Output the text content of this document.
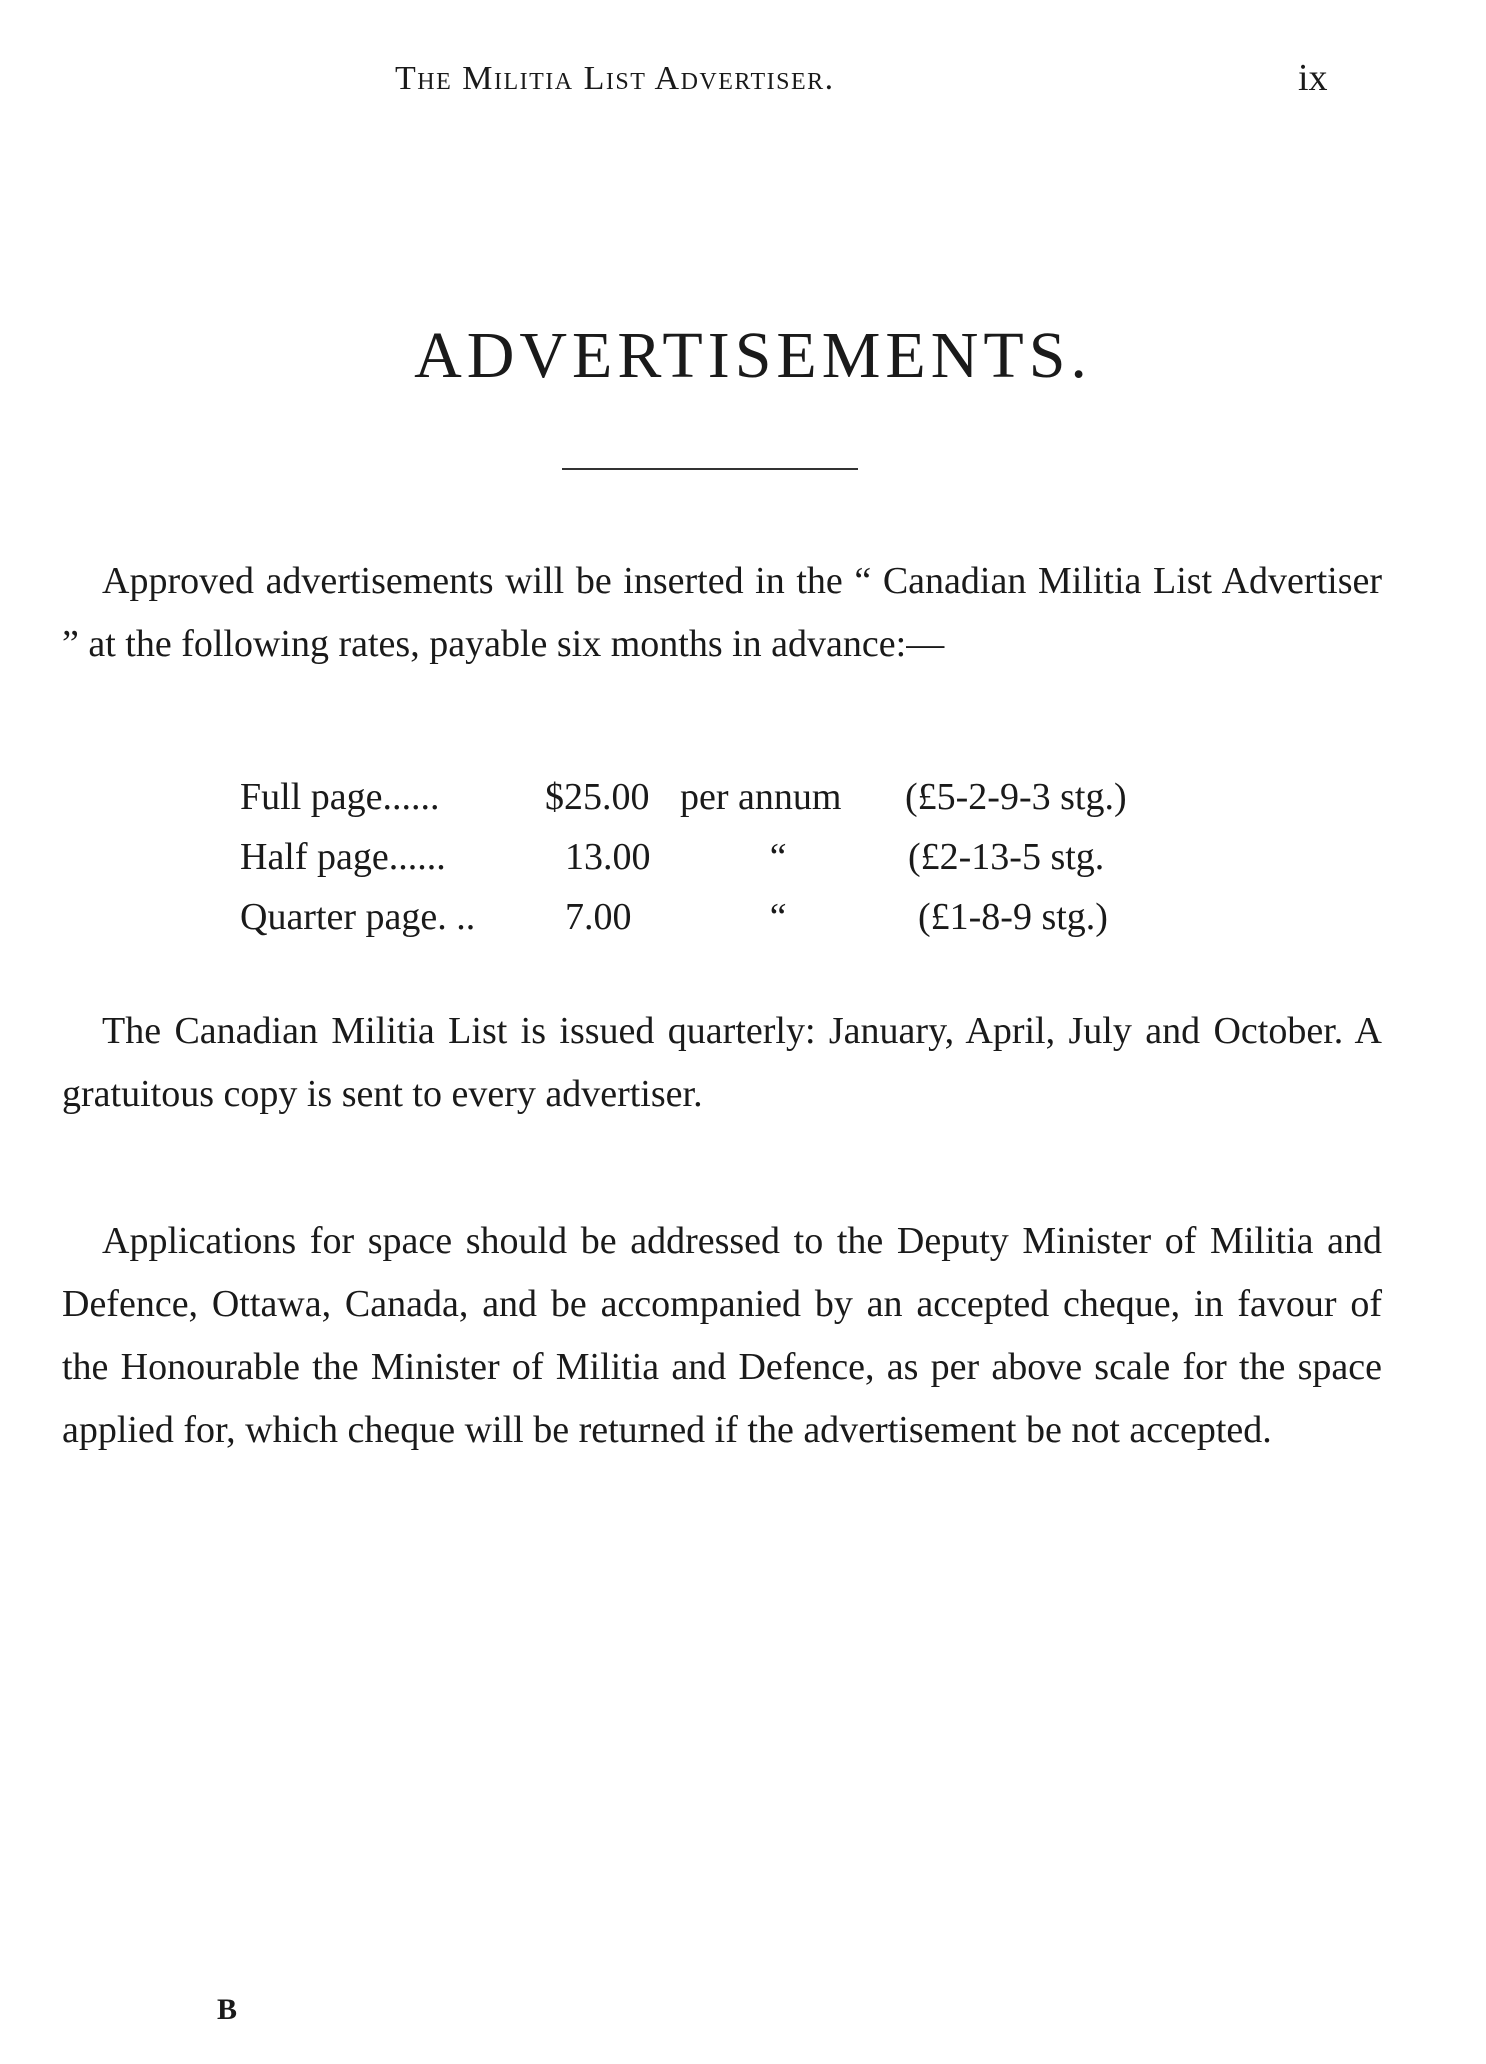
The Militia List Advertiser.	ix
ADVERTISEMENTS.

Approved advertisements will be inserted in the “ Canadian Militia List Advertiser ” at the following rates, payable six months in advance:—

Full page......	$25.00 per annum (£5-2-9-3 stg.)
Half page......	13.00	“	(£2-13-5 stg.
Quarter page. .. 7.00	“	(£1-8-9 stg.)

The Canadian Militia List is issued quarterly: January, April, July and October. A gratuitous copy is sent to every advertiser.

Applications for space should be addressed to the Deputy Minister of Militia and Defence, Ottawa, Canada, and be accompanied by an accepted cheque, in favour of the Honourable the Minister of Militia and Defence, as per above scale for the space applied for, which cheque will be returned if the advertisement be not accepted.

B
